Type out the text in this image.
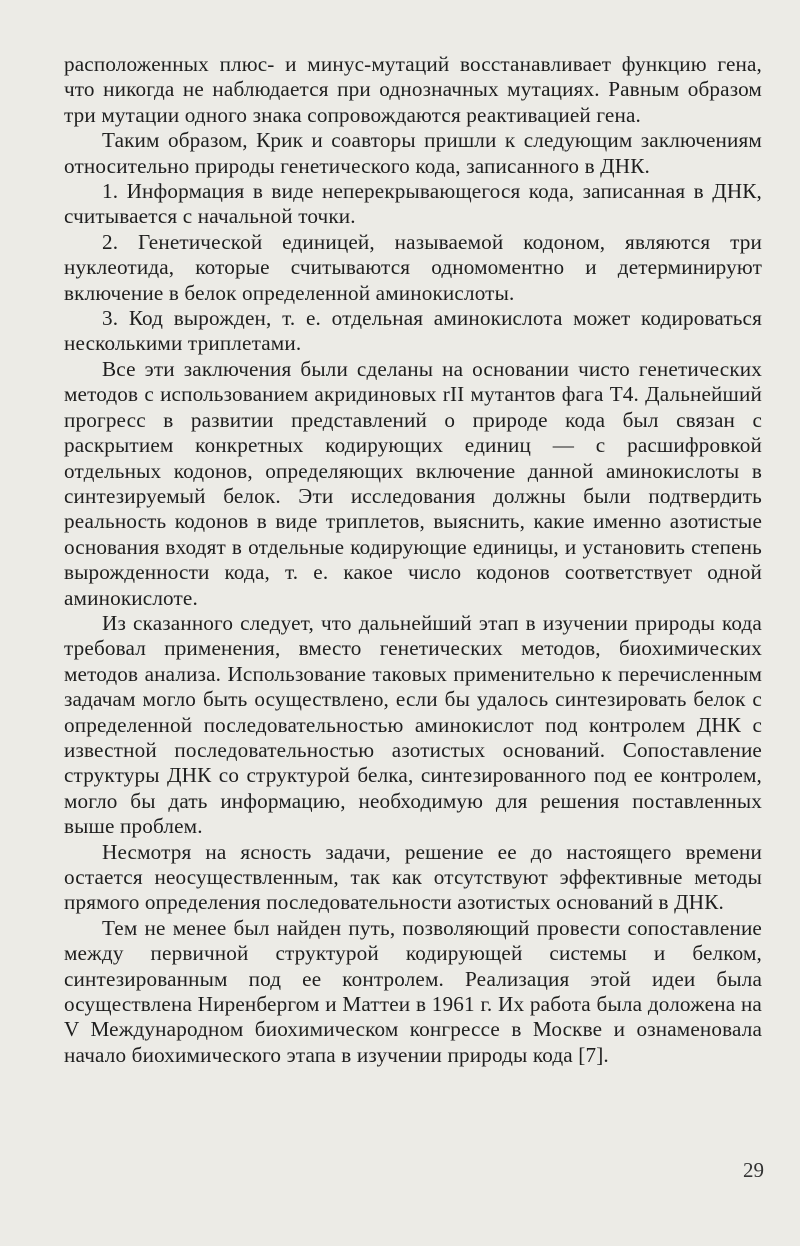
расположенных плюс- и минус-мутаций восстанавливает функцию гена, что никогда не наблюдается при однозначных мутациях. Равным образом три мутации одного знака сопровождаются реактивацией гена.

Таким образом, Крик и соавторы пришли к следующим заключениям относительно природы генетического кода, записанного в ДНК.

1. Информация в виде неперекрывающегося кода, записанная в ДНК, считывается с начальной точки.

2. Генетической единицей, называемой кодоном, являются три нуклеотида, которые считываются одномоментно и детерминируют включение в белок определенной аминокислоты.

3. Код вырожден, т. е. отдельная аминокислота может кодироваться несколькими триплетами.

Все эти заключения были сделаны на основании чисто генетических методов с использованием акридиновых rII мутантов фага Т4. Дальнейший прогресс в развитии представлений о природе кода был связан с раскрытием конкретных кодирующих единиц — с расшифровкой отдельных кодонов, определяющих включение данной аминокислоты в синтезируемый белок. Эти исследования должны были подтвердить реальность кодонов в виде триплетов, выяснить, какие именно азотистые основания входят в отдельные кодирующие единицы, и установить степень вырожденности кода, т. е. какое число кодонов соответствует одной аминокислоте.

Из сказанного следует, что дальнейший этап в изучении природы кода требовал применения, вместо генетических методов, биохимических методов анализа. Использование таковых применительно к перечисленным задачам могло быть осуществлено, если бы удалось синтезировать белок с определенной последовательностью аминокислот под контролем ДНК с известной последовательностью азотистых оснований. Сопоставление структуры ДНК со структурой белка, синтезированного под ее контролем, могло бы дать информацию, необходимую для решения поставленных выше проблем.

Несмотря на ясность задачи, решение ее до настоящего времени остается неосуществленным, так как отсутствуют эффективные методы прямого определения последовательности азотистых оснований в ДНК.

Тем не менее был найден путь, позволяющий провести сопоставление между первичной структурой кодирующей системы и белком, синтезированным под ее контролем. Реализация этой идеи была осуществлена Ниренбергом и Маттеи в 1961 г. Их работа была доложена на V Международном биохимическом конгрессе в Москве и ознаменовала начало биохимического этапа в изучении природы кода [7].

29
